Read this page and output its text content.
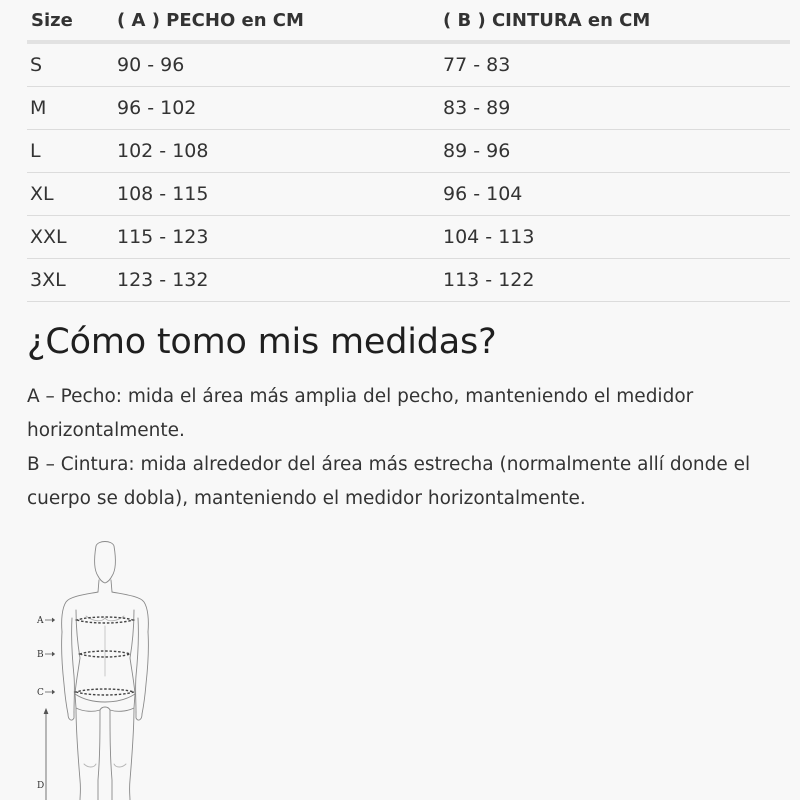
Size	( A ) PECHO en CM	( B ) CINTURA en CM
S	90 - 96	77 - 83
M	96 - 102	83 - 89
L	102 - 108	89 - 96
XL	108 - 115	96 - 104
XXL	115 - 123	104 - 113
3XL	123 - 132	113 - 122
¿Cómo tomo mis medidas?
A – Pecho: mida el área más amplia del pecho, manteniendo el medidor
horizontalmente.
B – Cintura: mida alrededor del área más estrecha (normalmente allí donde el
cuerpo se dobla), manteniendo el medidor horizontalmente.
A
B
C
D
